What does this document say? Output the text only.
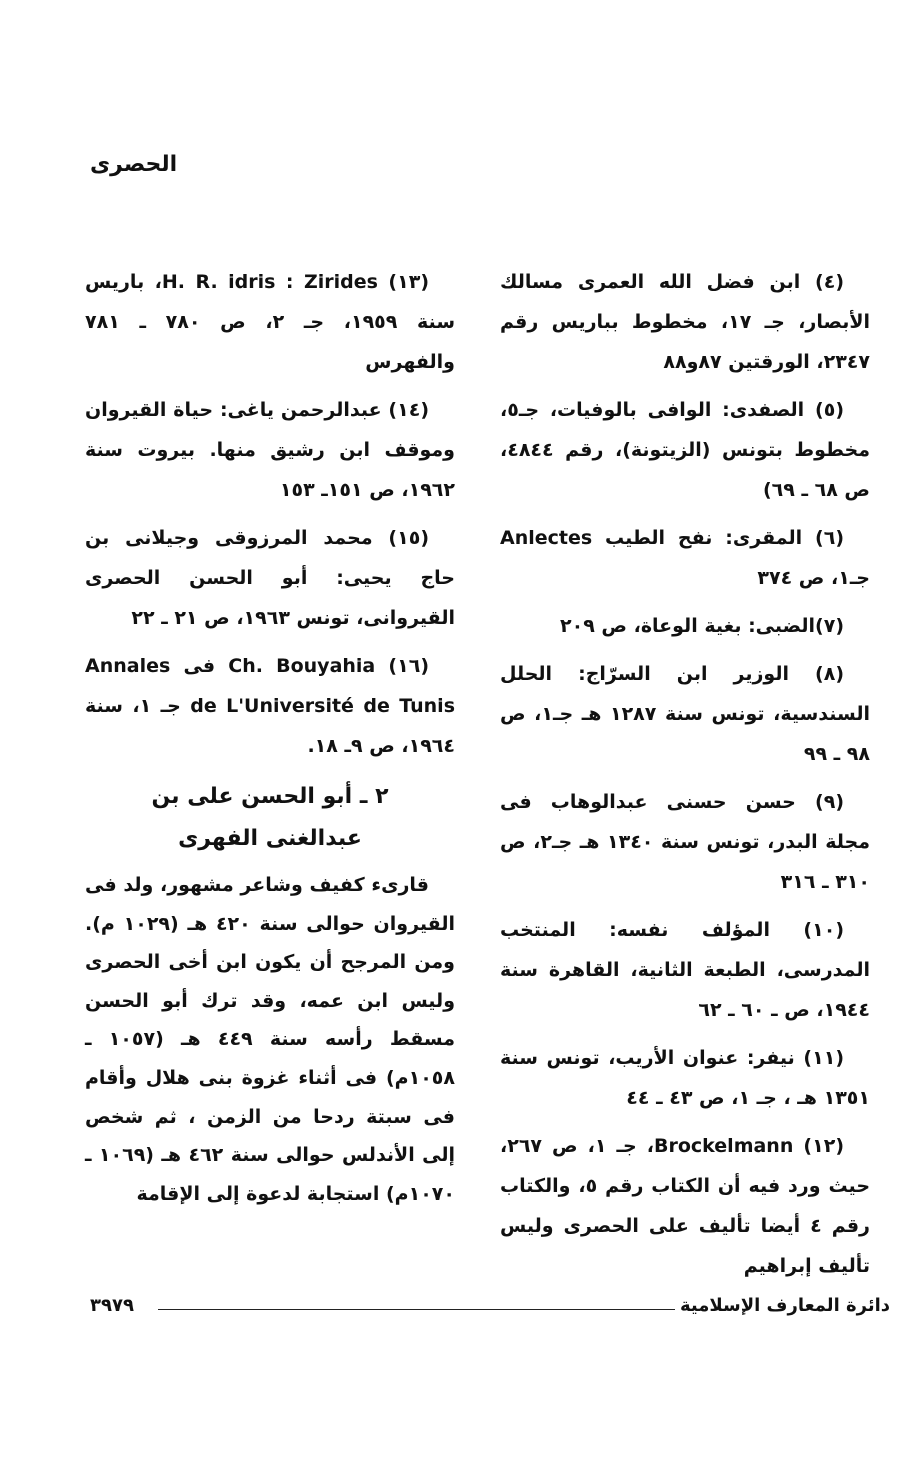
الحصرى

(٤) ابن فضل الله العمرى مسالك الأبصار، جـ ١٧، مخطوط بباريس رقم ٢٣٤٧، الورقتين ٨٧و٨٨

(٥) الصفدى: الوافى بالوفيات، جـ٥، مخطوط بتونس (الزيتونة)، رقم ٤٨٤٤، ص ٦٨ ـ ٦٩)

(٦) المقرى: نفح الطيب Anlectes جـ١، ص ٣٧٤

(٧)الضبى: بغية الوعاة، ص ٢٠٩

(٨) الوزير ابن السرّاج: الحلل السندسية، تونس سنة ١٢٨٧ هـ جـ١، ص ٩٨ ـ ٩٩

(٩) حسن حسنى عبدالوهاب فى مجلة البدر، تونس سنة ١٣٤٠ هـ جـ٢، ص ٣١٠ ـ ٣١٦

(١٠) المؤلف نفسه: المنتخب المدرسى، الطبعة الثانية، القاهرة سنة ١٩٤٤، ص ـ ٦٠ ـ ٦٢

(١١) نيفر: عنوان الأريب، تونس سنة ١٣٥١ هـ ، جـ ١، ص ٤٣ ـ ٤٤

(١٢) Brockelmann، جـ ١، ص ٢٦٧، حيث ورد فيه أن الكتاب رقم ٥، والكتاب رقم ٤ أيضا تأليف على الحصرى وليس تأليف إبراهيم

(١٣) H. R. idris : Zirides، باريس سنة ١٩٥٩، جـ ٢، ص ٧٨٠ ـ ٧٨١ والفهرس

(١٤) عبدالرحمن ياغى: حياة القيروان وموقف ابن رشيق منها. بيروت سنة ١٩٦٢، ص ١٥١ـ ١٥٣

(١٥) محمد المرزوقى وجيلانى بن حاج يحيى: أبو الحسن الحصرى القيروانى، تونس ١٩٦٣، ص ٢١ ـ ٢٢

(١٦) Ch. Bouyahia فى Annales de L'Université de Tunis جـ ١، سنة ١٩٦٤، ص ٩ـ ١٨.

٢ ـ أبو الحسن على بن
عبدالغنى الفهرى

قارىء كفيف وشاعر مشهور، ولد فى القيروان حوالى سنة ٤٢٠ هـ (١٠٢٩ م). ومن المرجح أن يكون ابن أخى الحصرى وليس ابن عمه، وقد ترك أبو الحسن مسقط رأسه سنة ٤٤٩ هـ (١٠٥٧ ـ ١٠٥٨م) فى أثناء غزوة بنى هلال وأقام فى سبتة ردحا من الزمن ، ثم شخص إلى الأندلس حوالى سنة ٤٦٢ هـ (١٠٦٩ ـ ١٠٧٠م) استجابة لدعوة إلى الإقامة

٣٩٧٩	دائرة المعارف الإسلامية
